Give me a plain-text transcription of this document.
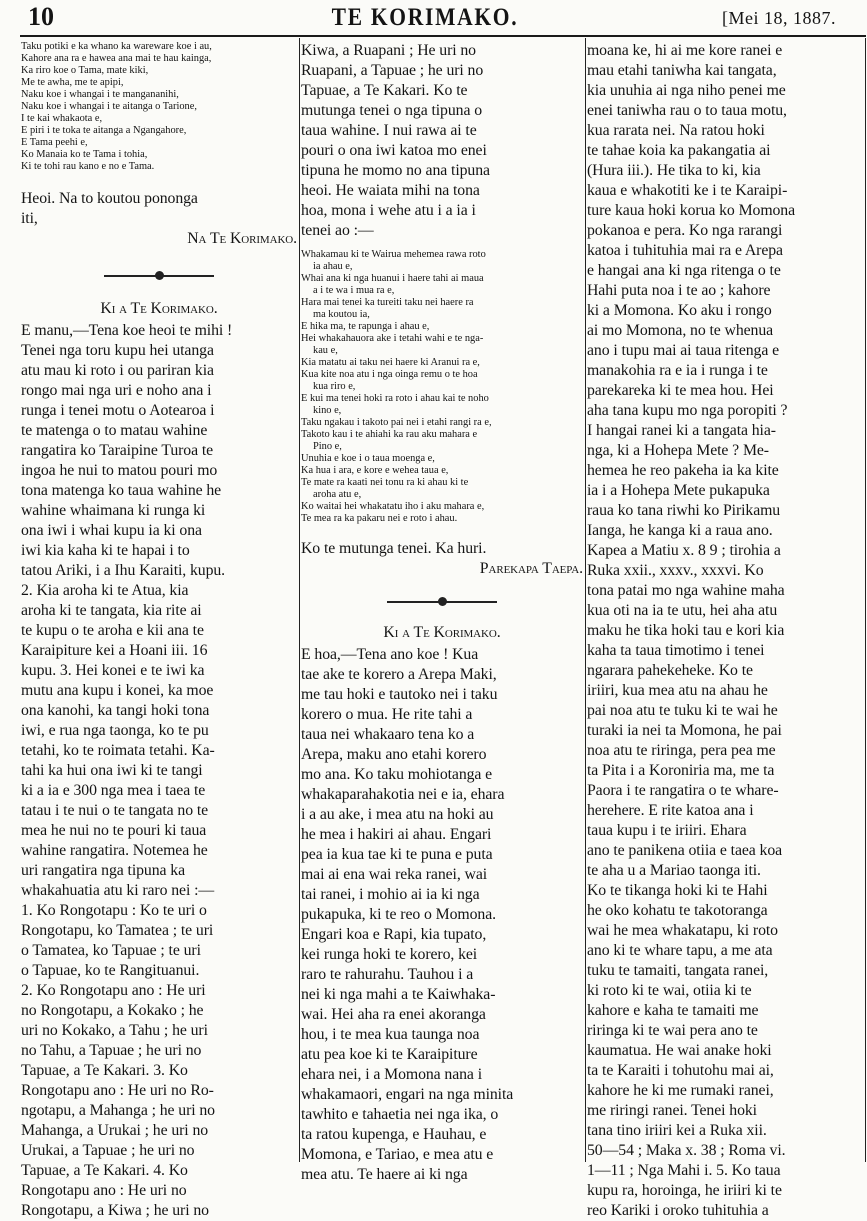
10	TE KORIMAKO.	[Mei 18, 1887.
Taku potiki e ka whano ka wareware koe i au,
Kahore ana ra e hawea ana mai te hau kainga,
Ka riro koe o Tama, mate kiki,
Me te awha, me te apipi,
Naku koe i whangai i te mangananihi,
Naku koe i whangai i te aitanga o Tarione,
I te kai whakaota e,
E piri i te toka te aitanga a Ngangahore,
E Tama peehi e,
Ko Manaia ko te Tama i tohia,
Ki te tohi rau kano e no e Tama.
Heoi. Na to koutou pononga
iti,
Na Te Korimako.
Ki a Te Korimako.
E manu,—Tena koe heoi te mihi !
Tenei nga toru kupu hei utanga
atu mau ki roto i ou pariran kia
rongo mai nga uri e noho ana i
runga i tenei motu o Aotearoa i
te matenga o to matau wahine
rangatira ko Taraipine Turoa te
ingoa he nui to matou pouri mo
tona matenga ko taua wahine he
wahine whaimana ki runga ki
ona iwi i whai kupu ia ki ona
iwi kia kaha ki te hapai i to
tatou Ariki, i a Ihu Karaiti, kupu.
2. Kia aroha ki te Atua, kia
aroha ki te tangata, kia rite ai
te kupu o te aroha e kii ana te
Karaipiture kei a Hoani iii. 16
kupu. 3. Hei konei e te iwi ka
mutu ana kupu i konei, ka moe
ona kanohi, ka tangi hoki tona
iwi, e rua nga taonga, ko te pu
tetahi, ko te roimata tetahi. Ka-
tahi ka hui ona iwi ki te tangi
ki a ia e 300 nga mea i taea te
tatau i te nui o te tangata no te
mea he nui no te pouri ki taua
wahine rangatira. Notemea he
uri rangatira nga tipuna ka
whakahuatia atu ki raro nei :—
1. Ko Rongotapu : Ko te uri o
Rongotapu, ko Tamatea ; te uri
o Tamatea, ko Tapuae ; te uri
o Tapuae, ko te Rangituanui.
2. Ko Rongotapu ano : He uri
no Rongotapu, a Kokako ; he
uri no Kokako, a Tahu ; he uri
no Tahu, a Tapuae ; he uri no
Tapuae, a Te Kakari. 3. Ko
Rongotapu ano : He uri no Ro-
ngotapu, a Mahanga ; he uri no
Mahanga, a Urukai ; he uri no
Urukai, a Tapuae ; he uri no
Tapuae, a Te Kakari. 4. Ko
Rongotapu ano : He uri no
Rongotapu, a Kiwa ; he uri no
Kiwa, a Ruapani ; He uri no
Ruapani, a Tapuae ; he uri no
Tapuae, a Te Kakari. Ko te
mutunga tenei o nga tipuna o
taua wahine. I nui rawa ai te
pouri o ona iwi katoa mo enei
tipuna he momo no ana tipuna
heoi. He waiata mihi na tona
hoa, mona i wehe atu i a ia i
tenei ao :—
Whakamau ki te Wairua mehemea rawa roto
ia ahau e,
Whai ana ki nga huanui i haere tahi ai maua
a i te wa i mua ra e,
Hara mai tenei ka tureiti taku nei haere ra
ma koutou ia,
E hika ma, te rapunga i ahau e,
Hei whakahauora ake i tetahi wahi e te nga-
kau e,
Kia matatu ai taku nei haere ki Aranui ra e,
Kua kite noa atu i nga oinga remu o te hoa
kua riro e,
E kui ma tenei hoki ra roto i ahau kai te noho
kino e,
Taku ngakau i takoto pai nei i etahi rangi ra e,
Takoto kau i te ahiahi ka rau aku mahara e
Pino e,
Unuhia e koe i o taua moenga e,
Ka hua i ara, e kore e wehea taua e,
Te mate ra kaati nei tonu ra ki ahau ki te
aroha atu e,
Ko waitai hei whakatatu iho i aku mahara e,
Te mea ra ka pakaru nei e roto i ahau.
Ko te mutunga tenei. Ka huri.
Parekapa Taepa.
Ki a Te Korimako.
E hoa,—Tena ano koe ! Kua
tae ake te korero a Arepa Maki,
me tau hoki e tautoko nei i taku
korero o mua. He rite tahi a
taua nei whakaaro tena ko a
Arepa, maku ano etahi korero
mo ana. Ko taku mohiotanga e
whakaparahakotia nei e ia, ehara
i a au ake, i mea atu na hoki au
he mea i hakiri ai ahau. Engari
pea ia kua tae ki te puna e puta
mai ai ena wai reka ranei, wai
tai ranei, i mohio ai ia ki nga
pukapuka, ki te reo o Momona.
Engari koa e Rapi, kia tupato,
kei runga hoki te korero, kei
raro te rahurahu. Tauhou i a
nei ki nga mahi a te Kaiwhaka-
wai. Hei aha ra enei akoranga
hou, i te mea kua taunga noa
atu pea koe ki te Karaipiture
ehara nei, i a Momona nana i
whakamaori, engari na nga minita
tawhito e tahaetia nei nga ika, o
ta ratou kupenga, e Hauhau, e
Momona, e Tariao, e mea atu e
mea atu. Te haere ai ki nga
moana ke, hi ai me kore ranei e
mau etahi taniwha kai tangata,
kia unuhia ai nga niho penei me
enei taniwha rau o to taua motu,
kua rarata nei. Na ratou hoki
te tahae koia ka pakangatia ai
(Hura iii.). He tika to ki, kia
kaua e whakotiti ke i te Karaipi-
ture kaua hoki korua ko Momona
pokanoa e pera. Ko nga rarangi
katoa i tuhituhia mai ra e Arepa
e hangai ana ki nga ritenga o te
Hahi puta noa i te ao ; kahore
ki a Momona. Ko aku i rongo
ai mo Momona, no te whenua
ano i tupu mai ai taua ritenga e
manakohia ra e ia i runga i te
parekareka ki te mea hou. Hei
aha tana kupu mo nga poropiti ?
I hangai ranei ki a tangata hia-
nga, ki a Hohepa Mete ? Me-
hemea he reo pakeha ia ka kite
ia i a Hohepa Mete pukapuka
raua ko tana riwhi ko Pirikamu
Ianga, he kanga ki a raua ano.
Kapea a Matiu x. 8 9 ; tirohia a
Ruka xxii., xxxv., xxxvi. Ko
tona patai mo nga wahine maha
kua oti na ia te utu, hei aha atu
maku he tika hoki tau e kori kia
kaha ta taua timotimo i tenei
ngarara pahekeheke. Ko te
iriiri, kua mea atu na ahau he
pai noa atu te tuku ki te wai he
turaki ia nei ta Momona, he pai
noa atu te riringa, pera pea me
ta Pita i a Koroniria ma, me ta
Paora i te rangatira o te whare-
herehere. E rite katoa ana i
taua kupu i te iriiri. Ehara
ano te panikena otiia e taea koa
te aha u a Mariao taonga iti.
Ko te tikanga hoki ki te Hahi
he oko kohatu te takotoranga
wai he mea whakatapu, ki roto
ano ki te whare tapu, a me ata
tuku te tamaiti, tangata ranei,
ki roto ki te wai, otiia ki te
kahore e kaha te tamaiti me
riringa ki te wai pera ano te
kaumatua. He wai anake hoki
ta te Karaiti i tohutohu mai ai,
kahore he ki me rumaki ranei,
me riringi ranei. Tenei hoki
tana tino iriiri kei a Ruka xii.
50—54 ; Maka x. 38 ; Roma vi.
1—11 ; Nga Mahi i. 5. Ko taua
kupu ra, horoinga, he iriiri ki te
reo Kariki i oroko tuhituhia a
